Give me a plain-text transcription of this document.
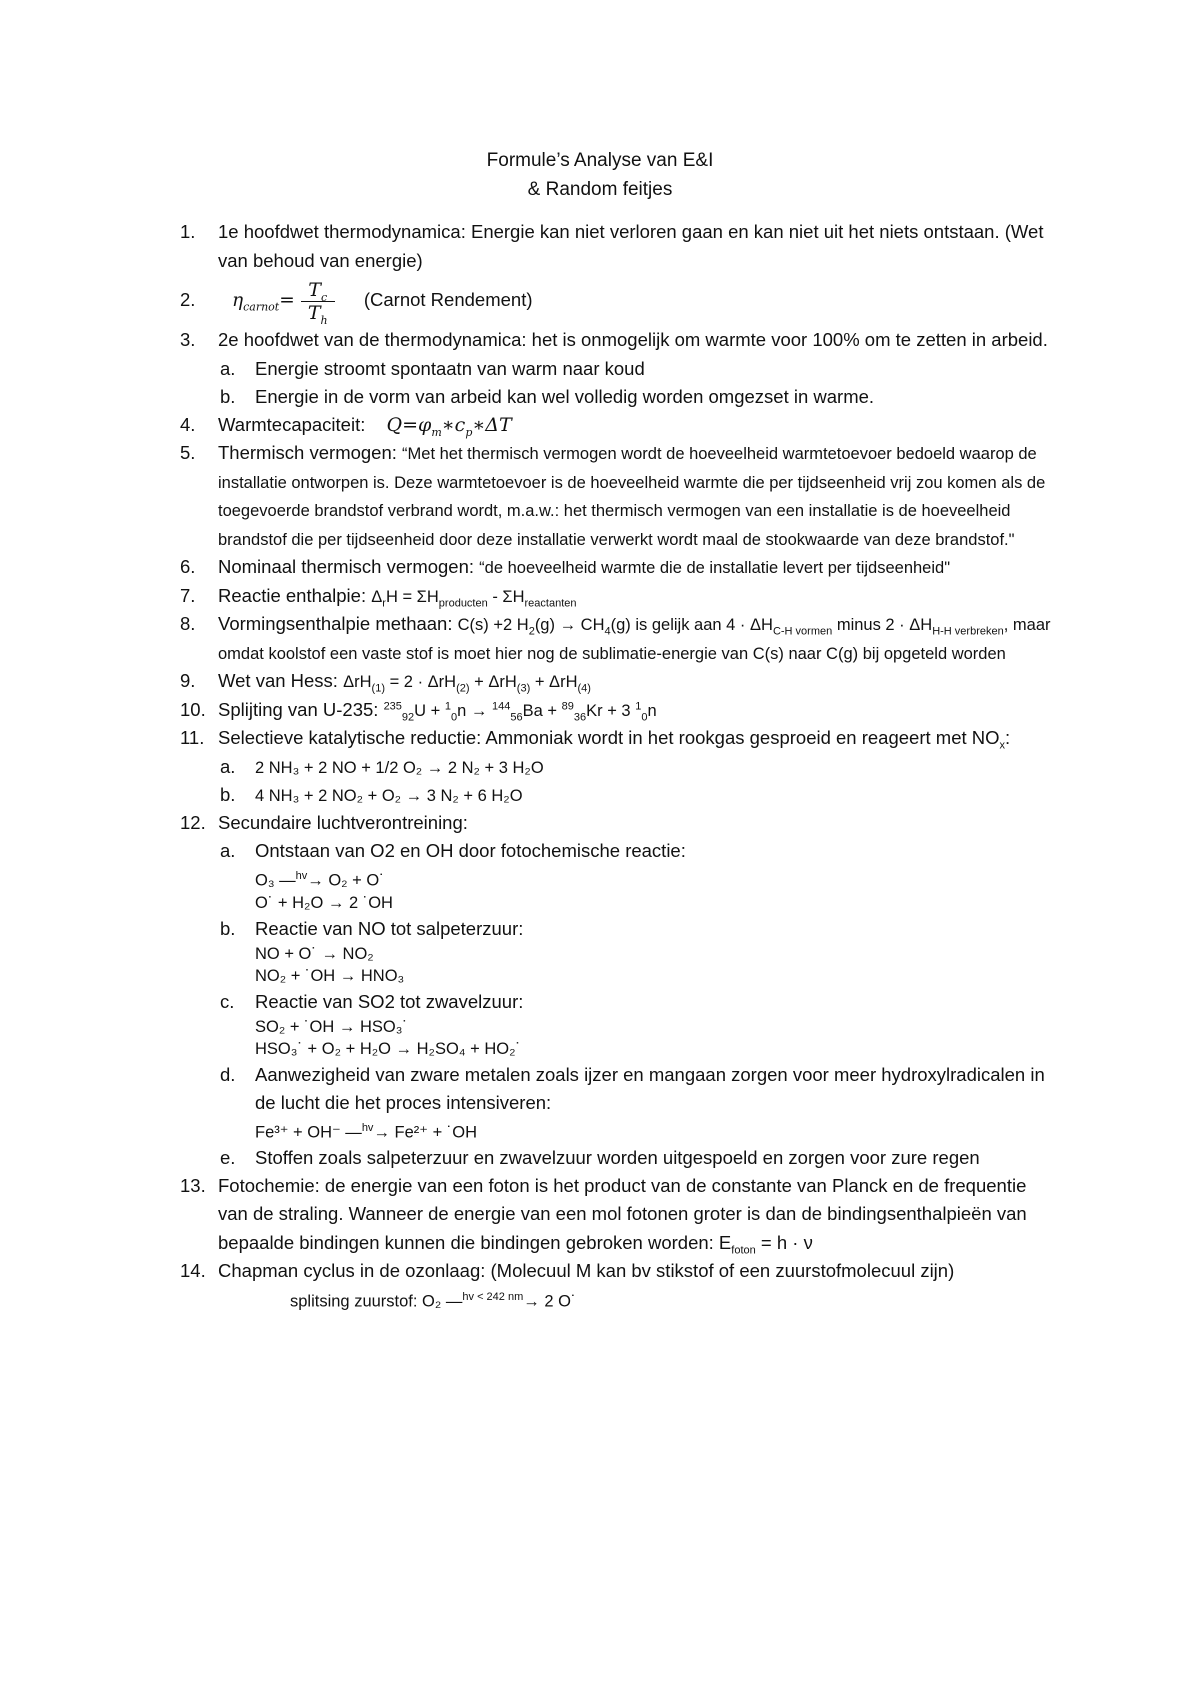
Formule’s Analyse van E&I
& Random feitjes
1.	1e hoofdwet thermodynamica: Energie kan niet verloren gaan en kan niet uit het niets ontstaan. (Wet van behoud van energie)
2.	$\eta_{carnot}= \frac{T_c}{T_h}$ (Carnot Rendement)
3.	2e hoofdwet van de thermodynamica: het is onmogelijk om warmte voor 100% om te zetten in arbeid.
a.	Energie stroomt spontaatn van warm naar koud
b.	Energie in de vorm van arbeid kan wel volledig worden omgezset in warme.
4.	Warmtecapaciteit: $Q=\varphi_m∗c_p∗\Delta T$
5.	Thermisch vermogen: “Met het thermisch vermogen wordt de hoeveelheid warmtetoevoer bedoeld waarop de installatie ontworpen is. Deze warmtetoevoer is de hoeveelheid warmte die per tijdseenheid vrij zou komen als de toegevoerde brandstof verbrand wordt, m.a.w.: het thermisch vermogen van een installatie is de hoeveelheid brandstof die per tijdseenheid door deze installatie verwerkt wordt maal de stookwaarde van deze brandstof."
6.	Nominaal thermisch vermogen: “de hoeveelheid warmte die de installatie levert per tijdseenheid"
7.	Reactie enthalpie: $\Delta_rH = \Sigma H_{producten} - \Sigma H_{reactanten}$
8.	Vormingsenthalpie methaan: C(s) +2 $H_2(g) \to CH_4(g)$ is gelijk aan $4 \cdot \Delta H_{C-H vormen}$ minus $2 \cdot \Delta H_{H-H verbreken}$, maar omdat koolstof een vaste stof is moet hier nog de sublimatie-energie van C(s) naar C(g) bij opgeteld worden
9.	Wet van Hess: ΔrH$_{(1)}$ = 2 · ΔrH$_{(2)}$ + ΔrH$_{(3)}$ + ΔrH$_{(4)}$
10. Splijting van U-235: $^{235}_{92}$U + $^1_0$n → $^{144}_{56}$Ba + $^{89}_{36}$Kr + 3 $^1_0$n
11. Selectieve katalytische reductie: Ammoniak wordt in het rookgas gesproeid en reageert met $NO_x$:
a.	2 NH₃ + 2 NO + 1/2 O₂ → 2 N₂ + 3 H₂O
b.	4 NH₃ + 2 NO₂ + O₂ → 3 N₂ + 6 H₂O
12. Secundaire luchtverontreining:
a.	Ontstaan van O2 en OH door fotochemische reactie:
O₃ —$^{hv}$→ O₂ + O˙
O˙ + H₂O → 2 ˙OH
b.	Reactie van NO tot salpeterzuur:
NO + O˙ → NO₂
NO₂ + ˙OH → HNO₃
c.	Reactie van SO2 tot zwavelzuur:
SO₂ + ˙OH → HSO₃˙
HSO₃˙ + O₂ + H₂O → H₂SO₄ + HO₂˙
d.	Aanwezigheid van zware metalen zoals ijzer en mangaan zorgen voor meer hydroxylradicalen in de lucht die het proces intensiveren:
Fe³⁺ + OH⁻ —$^{hv}$→ Fe²⁺ + ˙OH
e.	Stoffen zoals salpeterzuur en zwavelzuur worden uitgespoeld en zorgen voor zure regen
13. Fotochemie: de energie van een foton is het product van de constante van Planck en de frequentie van de straling. Wanneer de energie van een mol fotonen groter is dan de bindingsenthalpieën van bepaalde bindingen kunnen die bindingen gebroken worden: $E_{foton} = h \cdot \nu$
14. Chapman cyclus in de ozonlaag: (Molecuul M kan bv stikstof of een zuurstofmolecuul zijn)
splitsing zuurstof: O₂ —$^{hv < 242 nm}$→ 2 O˙
